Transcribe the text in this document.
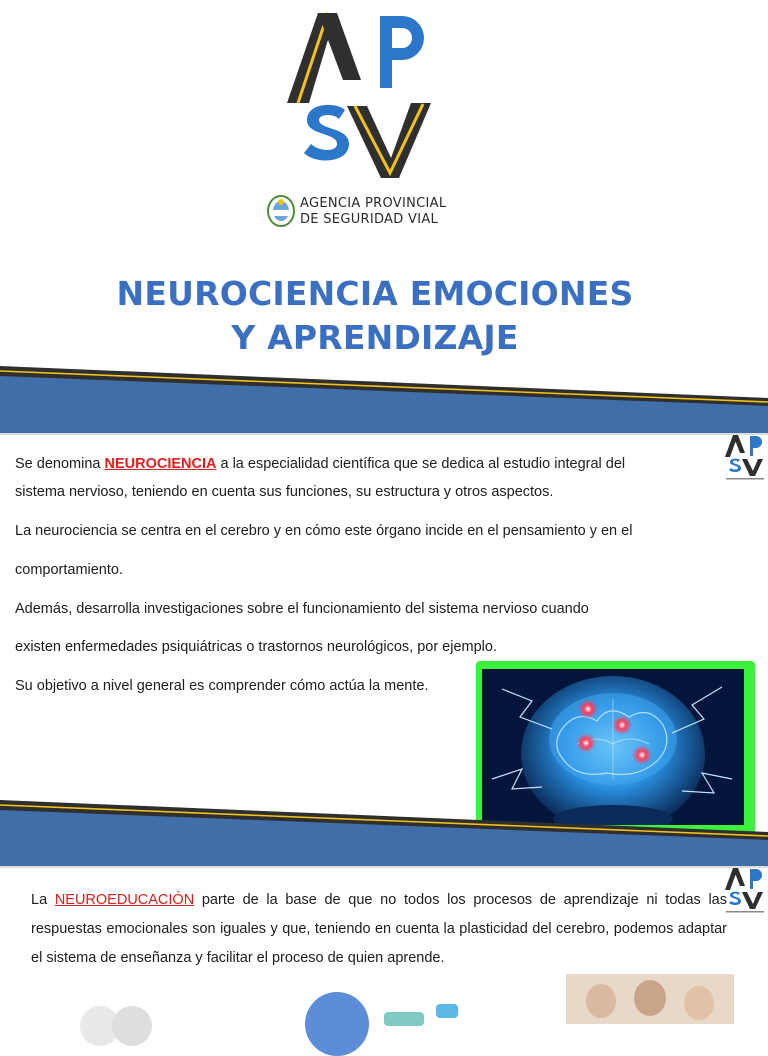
AGENCIA PROVINCIAL
DE SEGURIDAD VIAL
NEUROCIENCIA EMOCIONES
Y APRENDIZAJE
Se denomina NEUROCIENCIA a la especialidad científica que se dedica al estudio integral del
sistema nervioso, teniendo en cuenta sus funciones, su estructura y otros aspectos.
La neurociencia se centra en el cerebro y en cómo este órgano incide en el pensamiento y en el
comportamiento.
Además, desarrolla investigaciones sobre el funcionamiento del sistema nervioso cuando
existen enfermedades psiquiátricas o trastornos neurológicos, por ejemplo.
Su objetivo a nivel general es comprender cómo actúa la mente.
La NEUROEDUCACIÓN parte de la base de que no todos los procesos de aprendizaje ni todas las respuestas emocionales son iguales y que, teniendo en cuenta la plasticidad del cerebro, podemos adaptar el sistema de enseñanza y facilitar el proceso de quien aprende.
